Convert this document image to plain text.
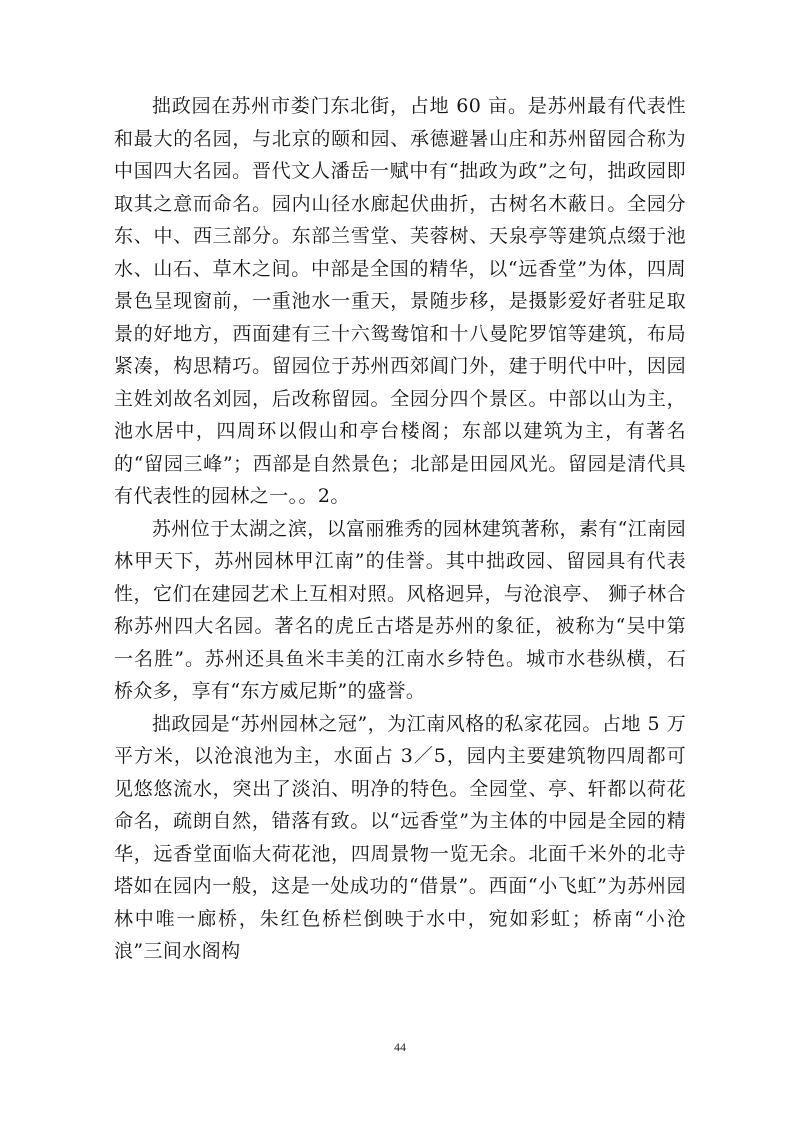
拙政园在苏州市娄门东北街，占地 60 亩。是苏州最有代表性和最大的名园，与北京的颐和园、承德避暑山庄和苏州留园合称为中国四大名园。晋代文人潘岳一赋中有“拙政为政”之句，拙政园即取其之意而命名。园内山径水廊起伏曲折，古树名木蔽日。全园分东、中、西三部分。东部兰雪堂、芙蓉树、天泉亭等建筑点缀于池水、山石、草木之间。中部是全国的精华，以“远香堂”为体，四周景色呈现窗前，一重池水一重天，景随步移，是摄影爱好者驻足取景的好地方，西面建有三十六鸳鸯馆和十八曼陀罗馆等建筑，布局紧凑，构思精巧。留园位于苏州西郊阊门外，建于明代中叶，因园主姓刘故名刘园，后改称留园。全园分四个景区。中部以山为主，池水居中，四周环以假山和亭台楼阁；东部以建筑为主，有著名的“留园三峰”；西部是自然景色；北部是田园风光。留园是清代具有代表性的园林之一。。2。

苏州位于太湖之滨，以富丽雅秀的园林建筑著称，素有“江南园林甲天下，苏州园林甲江南”的佳誉。其中拙政园、留园具有代表性，它们在建园艺术上互相对照。风格迥异，与沧浪亭、 狮子林合称苏州四大名园。著名的虎丘古塔是苏州的象征，被称为“吴中第一名胜”。苏州还具鱼米丰美的江南水乡特色。城市水巷纵横，石桥众多，享有“东方威尼斯”的盛誉。

拙政园是“苏州园林之冠”，为江南风格的私家花园。占地 5 万平方米，以沧浪池为主，水面占 3／5，园内主要建筑物四周都可见悠悠流水，突出了淡泊、明净的特色。全园堂、亭、轩都以荷花命名，疏朗自然，错落有致。以“远香堂”为主体的中园是全园的精华，远香堂面临大荷花池，四周景物一览无余。北面千米外的北寺塔如在园内一般，这是一处成功的“借景”。西面“小飞虹”为苏州园林中唯一廊桥，朱红色桥栏倒映于水中，宛如彩虹；桥南“小沧浪”三间水阁构

44
